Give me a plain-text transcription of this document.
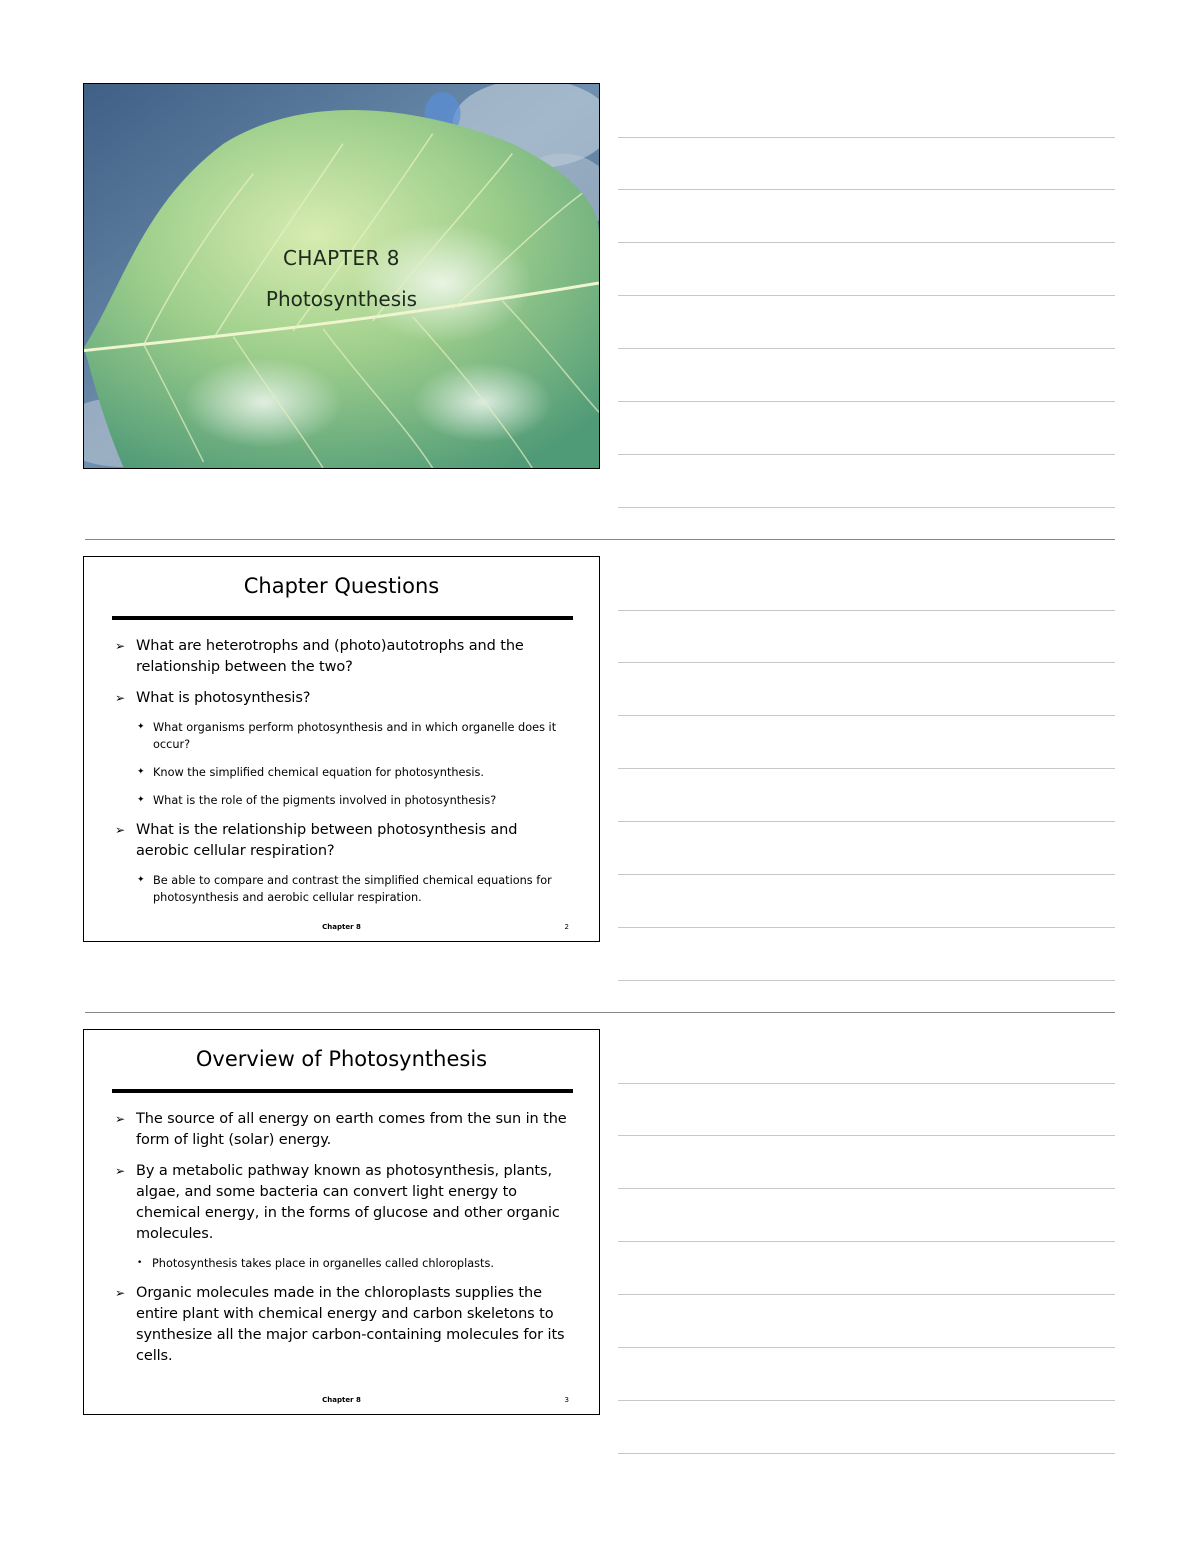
CHAPTER 8
Photosynthesis
Chapter Questions
➢ What are heterotrophs and (photo)autotrophs and the relationship between the two?
➢ What is photosynthesis?
✦ What organisms perform photosynthesis and in which organelle does it occur?
✦ Know the simplified chemical equation for photosynthesis.
✦ What is the role of the pigments involved in photosynthesis?
➢ What is the relationship between photosynthesis and aerobic cellular respiration?
✦ Be able to compare and contrast the simplified chemical equations for photosynthesis and aerobic cellular respiration.
Chapter 8	2
Overview of Photosynthesis
➢ The source of all energy on earth comes from the sun in the form of light (solar) energy.
➢ By a metabolic pathway known as photosynthesis, plants, algae, and some bacteria can convert light energy to chemical energy, in the forms of glucose and other organic molecules.
• Photosynthesis takes place in organelles called chloroplasts.
➢ Organic molecules made in the chloroplasts supplies the entire plant with chemical energy and carbon skeletons to synthesize all the major carbon-containing molecules for its cells.
Chapter 8	3
